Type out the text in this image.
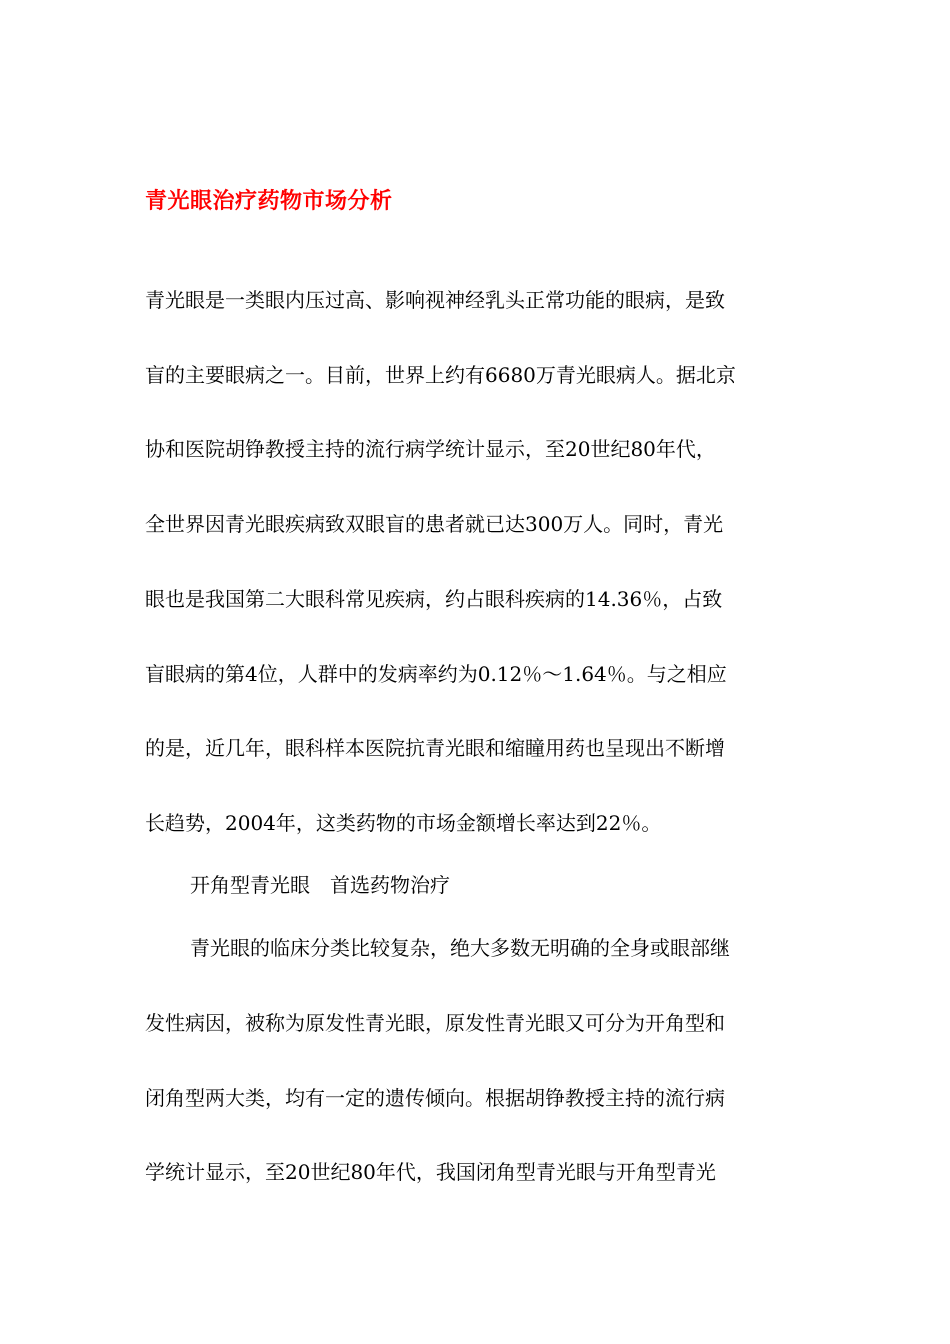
青光眼治疗药物市场分析
青光眼是一类眼内压过高、影响视神经乳头正常功能的眼病，是致
盲的主要眼病之一。目前，世界上约有6680万青光眼病人。据北京
协和医院胡铮教授主持的流行病学统计显示，至20世纪80年代，
全世界因青光眼疾病致双眼盲的患者就已达300万人。同时，青光
眼也是我国第二大眼科常见疾病，约占眼科疾病的14.36％，占致
盲眼病的第4位，人群中的发病率约为0.12％～1.64％。与之相应
的是，近几年，眼科样本医院抗青光眼和缩瞳用药也呈现出不断增
长趋势，2004年，这类药物的市场金额增长率达到22％。
开角型青光眼　首选药物治疗
青光眼的临床分类比较复杂，绝大多数无明确的全身或眼部继
发性病因，被称为原发性青光眼，原发性青光眼又可分为开角型和
闭角型两大类，均有一定的遗传倾向。根据胡铮教授主持的流行病
学统计显示，至20世纪80年代，我国闭角型青光眼与开角型青光
